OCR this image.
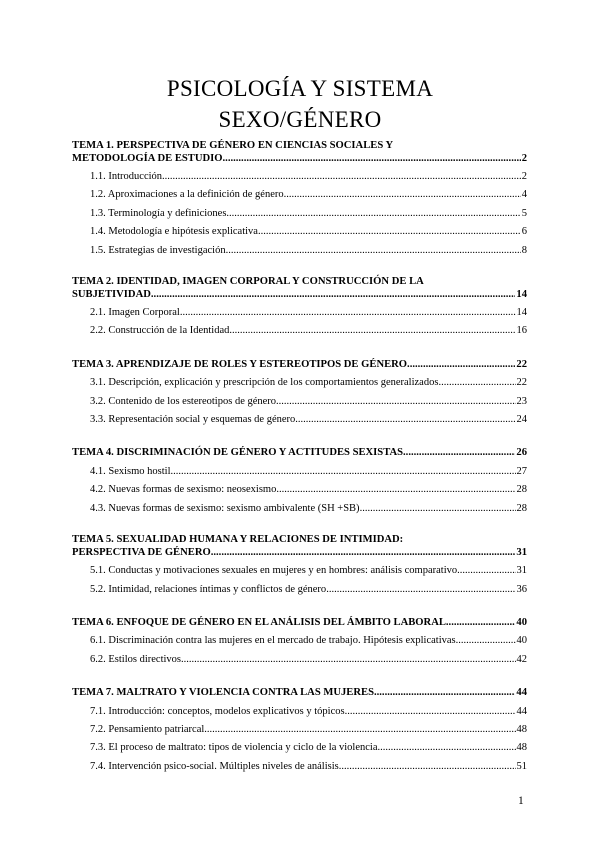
PSICOLOGÍA Y SISTEMA
SEXO/GÉNERO
TEMA 1. PERSPECTIVA DE GÉNERO EN CIENCIAS SOCIALES Y
METODOLOGÍA DE ESTUDIO .....	2
1.1. Introducción .....	2
1.2. Aproximaciones a la definición de género .....	4
1.3. Terminología y definiciones .....	5
1.4. Metodología e hipótesis explicativa .....	6
1.5. Estrategias de investigación .....	8
TEMA 2. IDENTIDAD, IMAGEN CORPORAL Y CONSTRUCCIÓN DE LA
SUBJETIVIDAD .....	14
2.1. Imagen Corporal .....	14
2.2. Construcción de la Identidad .....	16
TEMA 3. APRENDIZAJE DE ROLES Y ESTEREOTIPOS DE GÉNERO .....	22
3.1. Descripción, explicación y prescripción de los comportamientos generalizados .....	22
3.2. Contenido de los estereotipos de género .....	23
3.3. Representación social y esquemas de género .....	24
TEMA 4. DISCRIMINACIÓN DE GÉNERO Y ACTITUDES SEXISTAS .....	26
4.1. Sexismo hostil .....	27
4.2. Nuevas formas de sexismo: neosexismo .....	28
4.3. Nuevas formas de sexismo: sexismo ambivalente (SH +SB) .....	28
TEMA 5. SEXUALIDAD HUMANA Y RELACIONES DE INTIMIDAD:
PERSPECTIVA DE GÉNERO .....	31
5.1. Conductas y motivaciones sexuales en mujeres y en hombres: análisis comparativo .....	31
5.2. Intimidad, relaciones íntimas y conflictos de género .....	36
TEMA 6. ENFOQUE DE GÉNERO EN EL ANÁLISIS DEL ÁMBITO LABORAL .....	40
6.1. Discriminación contra las mujeres en el mercado de trabajo. Hipótesis explicativas .....	40
6.2. Estilos directivos .....	42
TEMA 7. MALTRATO Y VIOLENCIA CONTRA LAS MUJERES .....	44
7.1. Introducción: conceptos, modelos explicativos y tópicos .....	44
7.2. Pensamiento patriarcal .....	48
7.3. El proceso de maltrato: tipos de violencia y ciclo de la violencia .....	48
7.4. Intervención psico-social. Múltiples niveles de análisis .....	51
1
